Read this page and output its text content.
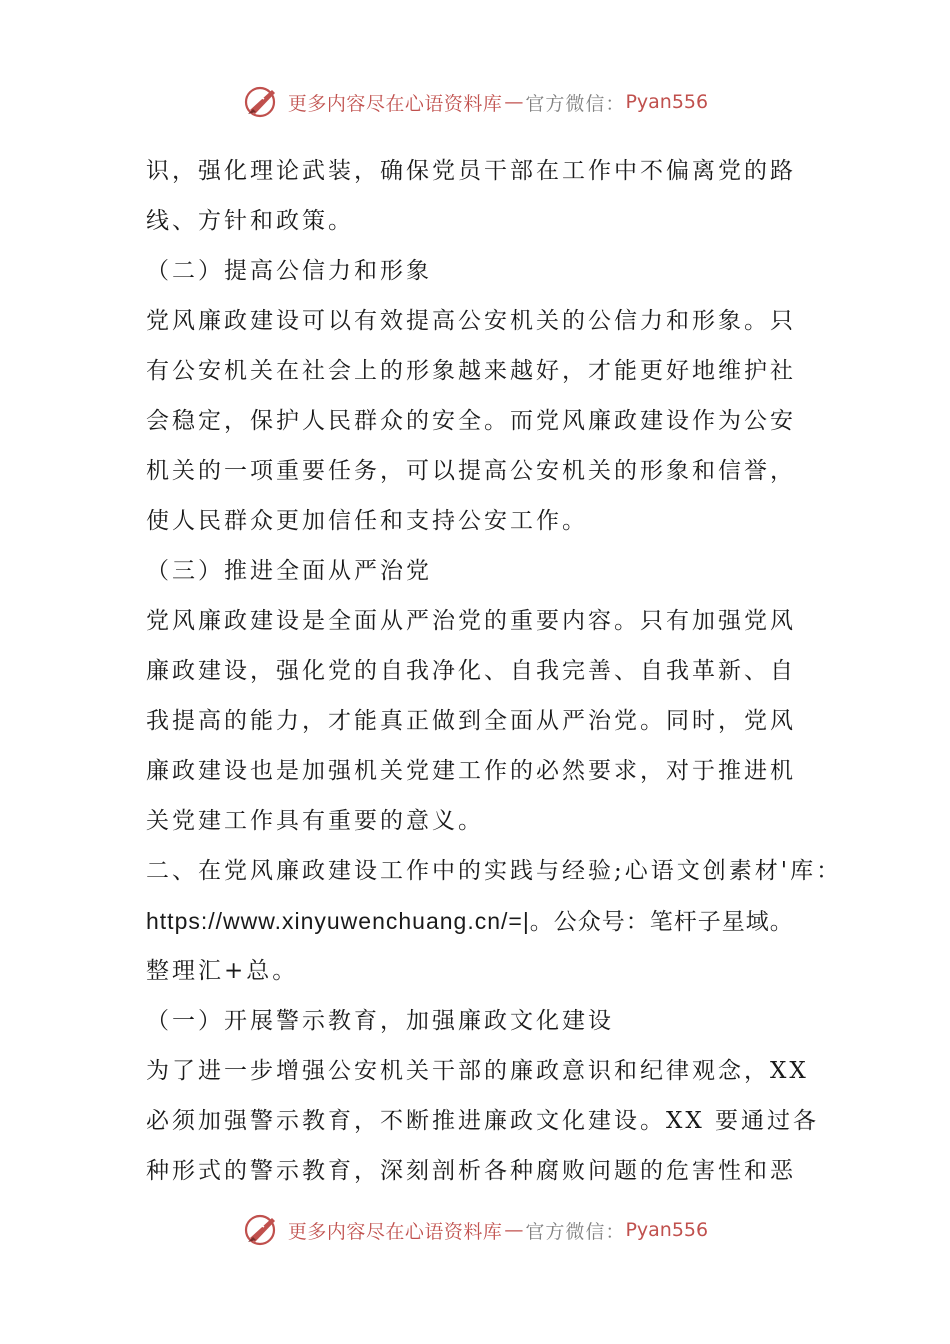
更多内容尽在心语资料库 — 官方微信： Pyan556
识，强化理论武装，确保党员干部在工作中不偏离党的路
线、方针和政策。
（二）提高公信力和形象
党风廉政建设可以有效提高公安机关的公信力和形象。只
有公安机关在社会上的形象越来越好，才能更好地维护社
会稳定，保护人民群众的安全。而党风廉政建设作为公安
机关的一项重要任务，可以提高公安机关的形象和信誉，
使人民群众更加信任和支持公安工作。
（三）推进全面从严治党
党风廉政建设是全面从严治党的重要内容。只有加强党风
廉政建设，强化党的自我净化、自我完善、自我革新、自
我提高的能力，才能真正做到全面从严治党。同时，党风
廉政建设也是加强机关党建工作的必然要求，对于推进机
关党建工作具有重要的意义。
二、在党风廉政建设工作中的实践与经验;心语文创素材'库：
https://www.xinyuwenchuang.cn/=|。公众号：笔杆子星域。
整理汇+总。
（一）开展警示教育，加强廉政文化建设
为了进一步增强公安机关干部的廉政意识和纪律观念，XX
必须加强警示教育，不断推进廉政文化建设。XX 要通过各
种形式的警示教育，深刻剖析各种腐败问题的危害性和恶
更多内容尽在心语资料库 — 官方微信： Pyan556
